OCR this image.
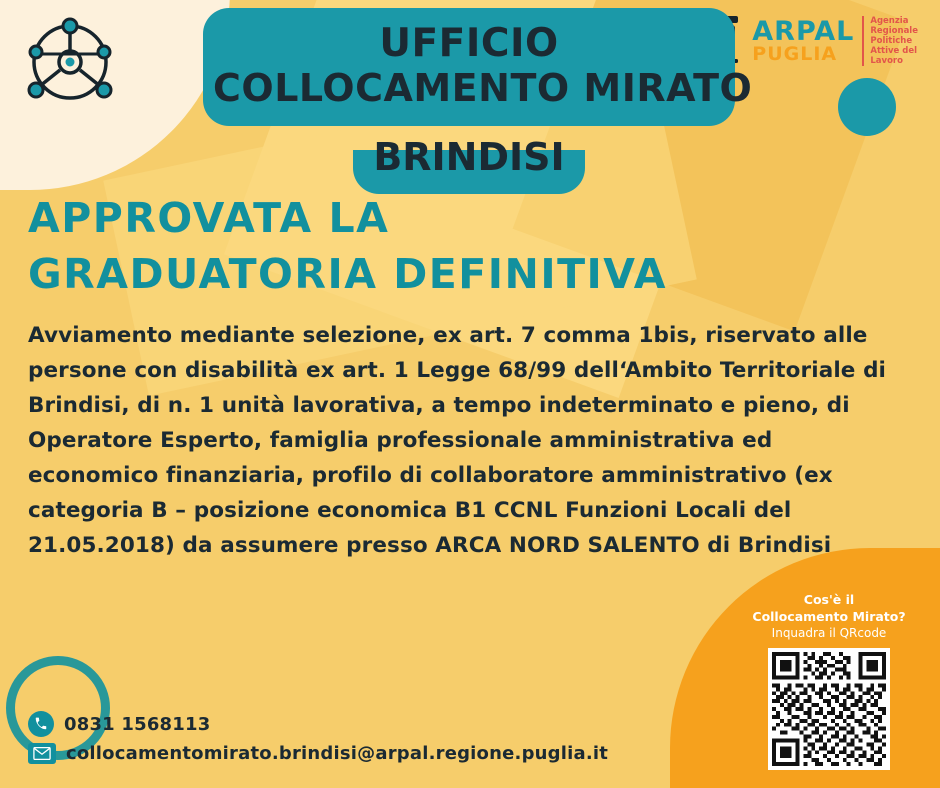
ARPAL
PUGLIA
Agenzia
Regionale
Politiche
Attive del
Lavoro
UFFICIO
COLLOCAMENTO MIRATO
BRINDISI
APPROVATA LA
GRADUATORIA DEFINITIVA
Avviamento mediante selezione, ex art. 7 comma 1bis, riservato alle persone con disabilità ex art. 1 Legge 68/99 dell‘Ambito Territoriale di Brindisi, di n. 1 unità lavorativa, a tempo indeterminato e pieno, di Operatore Esperto, famiglia professionale amministrativa ed economico finanziaria, profilo di collaboratore amministrativo (ex categoria B – posizione economica B1 CCNL Funzioni Locali del 21.05.2018) da assumere presso ARCA NORD SALENTO di Brindisi
Cos'è il
Collocamento Mirato?
Inquadra il QRcode
0831 1568113
collocamentomirato.brindisi@arpal.regione.puglia.it
